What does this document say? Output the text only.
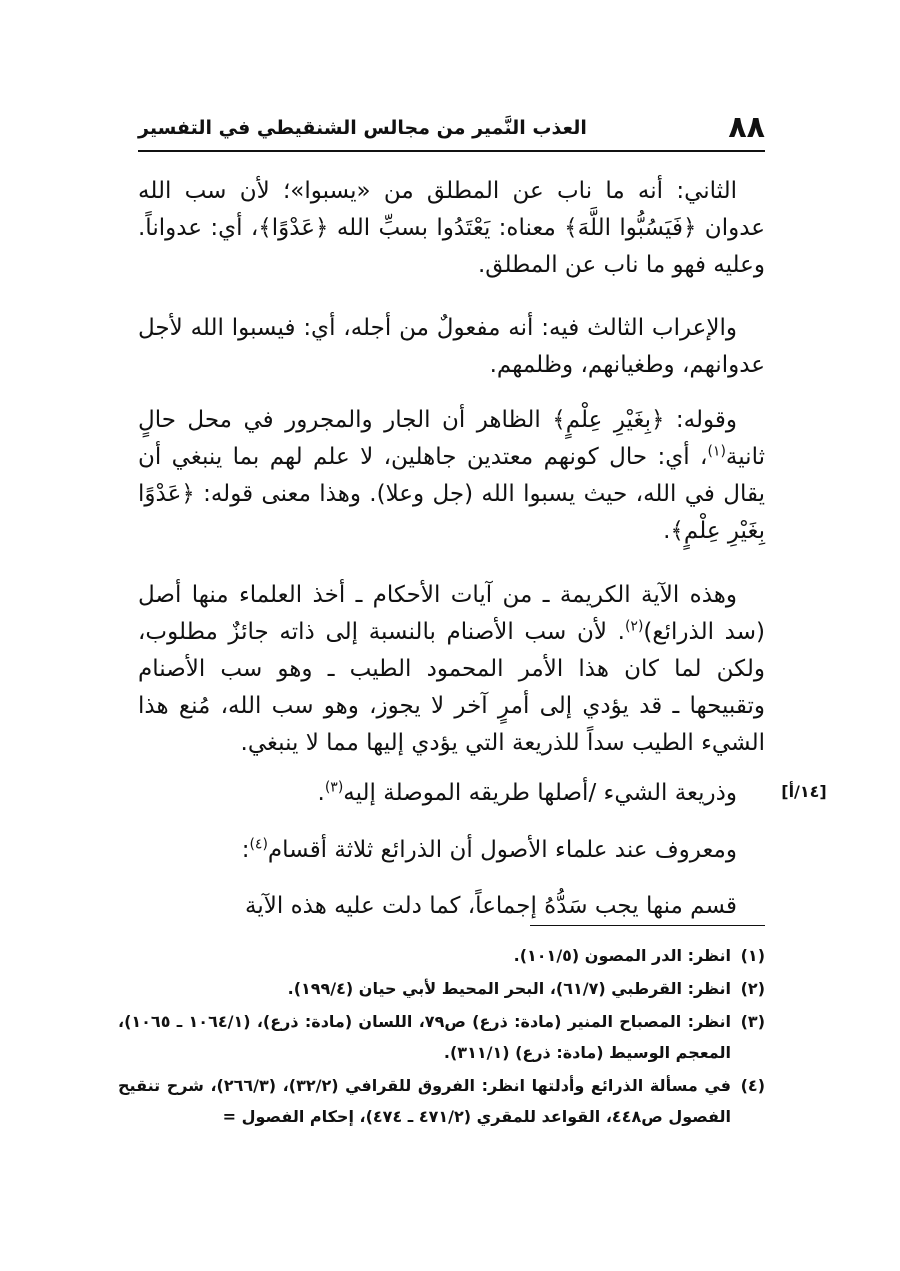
٨٨
العذب النَّمير من مجالس الشنقيطي في التفسير

الثاني: أنه ما ناب عن المطلق من «يسبوا»؛ لأن سب الله عدوان ﴿فَيَسُبُّوا اللَّهَ﴾ معناه: يَعْتَدُوا بسبِّ الله ﴿عَدْوًا﴾، أي: عدواناً. وعليه فهو ما ناب عن المطلق.

والإعراب الثالث فيه: أنه مفعولٌ من أجله، أي: فيسبوا الله لأجل عدوانهم، وطغيانهم، وظلمهم.

وقوله: ﴿بِغَيْرِ عِلْمٍ﴾ الظاهر أن الجار والمجرور في محل حالٍ ثانية$^{(١)}$، أي: حال كونهم معتدين جاهلين، لا علم لهم بما ينبغي أن يقال في الله، حيث يسبوا الله (جل وعلا). وهذا معنى قوله: ﴿عَدْوًا بِغَيْرِ عِلْمٍ﴾.

وهذه الآية الكريمة ـ من آيات الأحكام ـ أخذ العلماء منها أصل (سد الذرائع)$^{(٢)}$. لأن سب الأصنام بالنسبة إلى ذاته جائزٌ مطلوب، ولكن لما كان هذا الأمر المحمود الطيب ـ وهو سب الأصنام وتقبيحها ـ قد يؤدي إلى أمرٍ آخر لا يجوز، وهو سب الله، مُنع هذا الشيء الطيب سداً للذريعة التي يؤدي إليها مما لا ينبغي.

[١٤/أ]

وذريعة الشيء /أصلها طريقه الموصلة إليه$^{(٣)}$.

ومعروف عند علماء الأصول أن الذرائع ثلاثة أقسام$^{(٤)}$:

قسم منها يجب سَدُّهُ إجماعاً، كما دلت عليه هذه الآية

(١)
انظر: الدر المصون (١٠١/٥).
(٢)
انظر: القرطبي (٦١/٧)، البحر المحيط لأبي حيان (١٩٩/٤).
(٣)
انظر: المصباح المنير (مادة: ذرع) ص٧٩، اللسان (مادة: ذرع)، (١٠٦٤/١ ـ ١٠٦٥)، المعجم الوسيط (مادة: ذرع) (٣١١/١).
(٤)
في مسألة الذرائع وأدلتها انظر: الفروق للقرافي (٣٢/٢)، (٢٦٦/٣)، شرح تنقيح الفصول ص٤٤٨، القواعد للمقري (٤٧١/٢ ـ ٤٧٤)، إحكام الفصول =
